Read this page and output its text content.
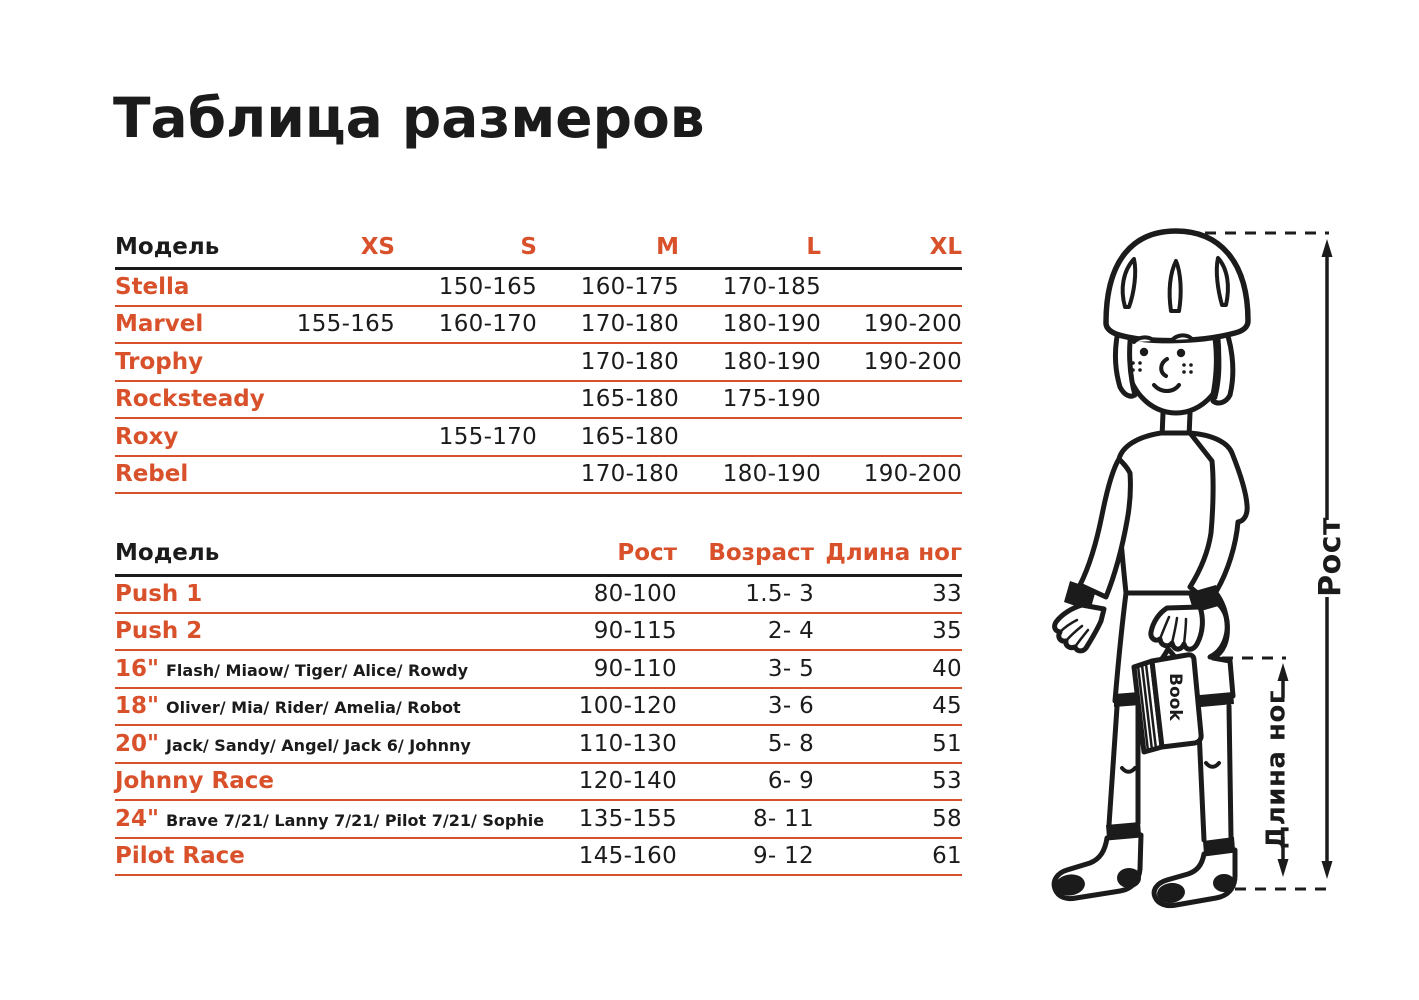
Таблица размеров
Модель	XS	S	M	L	XL
Stella		150-165	160-175	170-185	
Marvel	155-165	160-170	170-180	180-190	190-200
Trophy			170-180	180-190	190-200
Rocksteady			165-180	175-190	
Roxy		155-170	165-180		
Rebel			170-180	180-190	190-200
Модель	Рост	Возраст	Длина ног
Push 1	80-100	1.5- 3	33
Push 2	90-115	2- 4	35
16" Flash/ Miaow/ Tiger/ Alice/ Rowdy	90-110	3- 5	40
18" Oliver/ Mia/ Rider/ Amelia/ Robot	100-120	3- 6	45
20" Jack/ Sandy/ Angel/ Jack 6/ Johnny	110-130	5- 8	51
Johnny Race	120-140	6- 9	53
24" Brave 7/21/ Lanny 7/21/ Pilot 7/21/ Sophie	135-155	8- 11	58
Pilot Race	145-160	9- 12	61
Book
Рост
Длина ног
